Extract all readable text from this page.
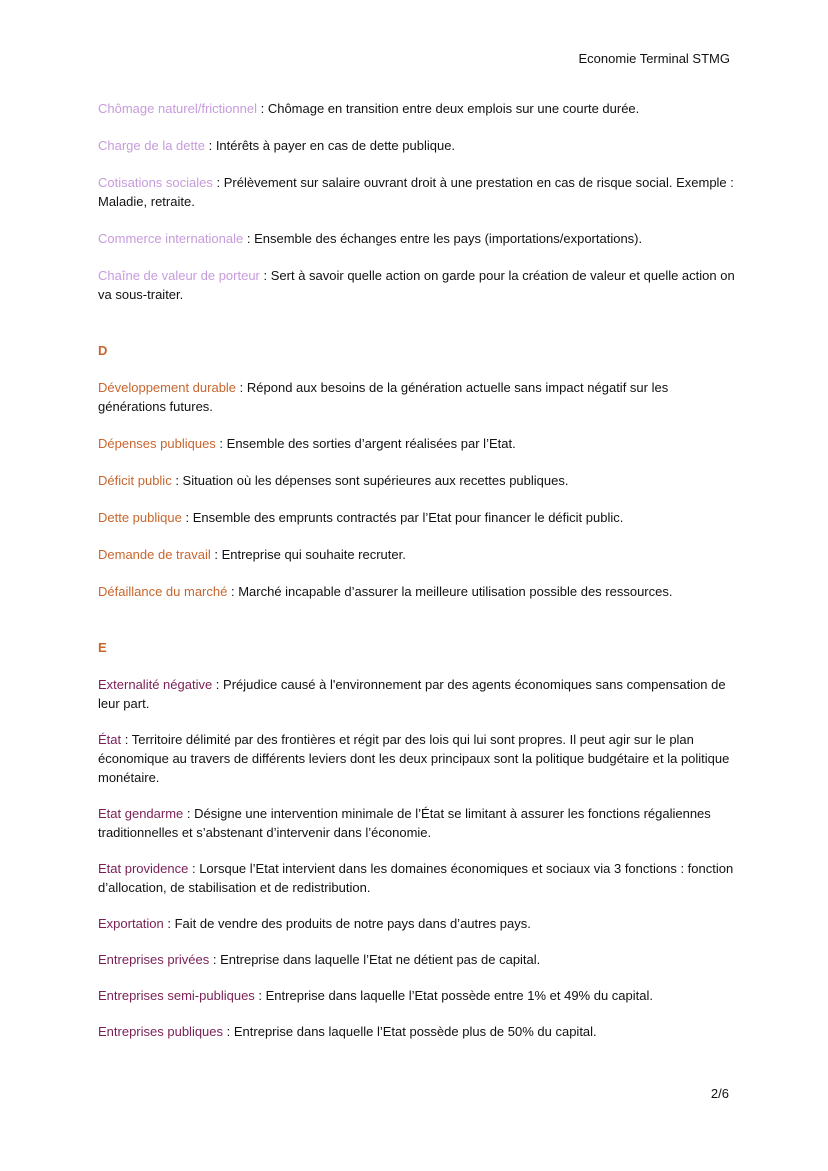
Economie Terminal STMG

Chômage naturel/frictionnel : Chômage en transition entre deux emplois sur une courte durée.

Charge de la dette : Intérêts à payer en cas de dette publique.

Cotisations sociales : Prélèvement sur salaire ouvrant droit à une prestation en cas de risque social. Exemple : Maladie, retraite.

Commerce internationale : Ensemble des échanges entre les pays (importations/exportations).

Chaîne de valeur de porteur : Sert à savoir quelle action on garde pour la création de valeur et quelle action on va sous-traiter.

D

Développement durable : Répond aux besoins de la génération actuelle sans impact négatif sur les générations futures.

Dépenses publiques : Ensemble des sorties d’argent réalisées par l’Etat.

Déficit public : Situation où les dépenses sont supérieures aux recettes publiques.

Dette publique : Ensemble des emprunts contractés par l’Etat pour financer le déficit public.

Demande de travail : Entreprise qui souhaite recruter.

Défaillance du marché : Marché incapable d’assurer la meilleure utilisation possible des ressources.

E

Externalité négative : Préjudice causé à l'environnement par des agents économiques sans compensation de leur part.

État : Territoire délimité par des frontières et régit par des lois qui lui sont propres. Il peut agir sur le plan économique au travers de différents leviers dont les deux principaux sont la politique budgétaire et la politique monétaire.

Etat gendarme : Désigne une intervention minimale de l’État se limitant à assurer les fonctions régaliennes traditionnelles et s’abstenant d’intervenir dans l’économie.

Etat providence : Lorsque l’Etat intervient dans les domaines économiques et sociaux via 3 fonctions : fonction d’allocation, de stabilisation et de redistribution.

Exportation : Fait de vendre des produits de notre pays dans d’autres pays.

Entreprises privées : Entreprise dans laquelle l’Etat ne détient pas de capital.

Entreprises semi-publiques : Entreprise dans laquelle l’Etat possède entre 1% et 49% du capital.

Entreprises publiques : Entreprise dans laquelle l’Etat possède plus de 50% du capital.

2/6
